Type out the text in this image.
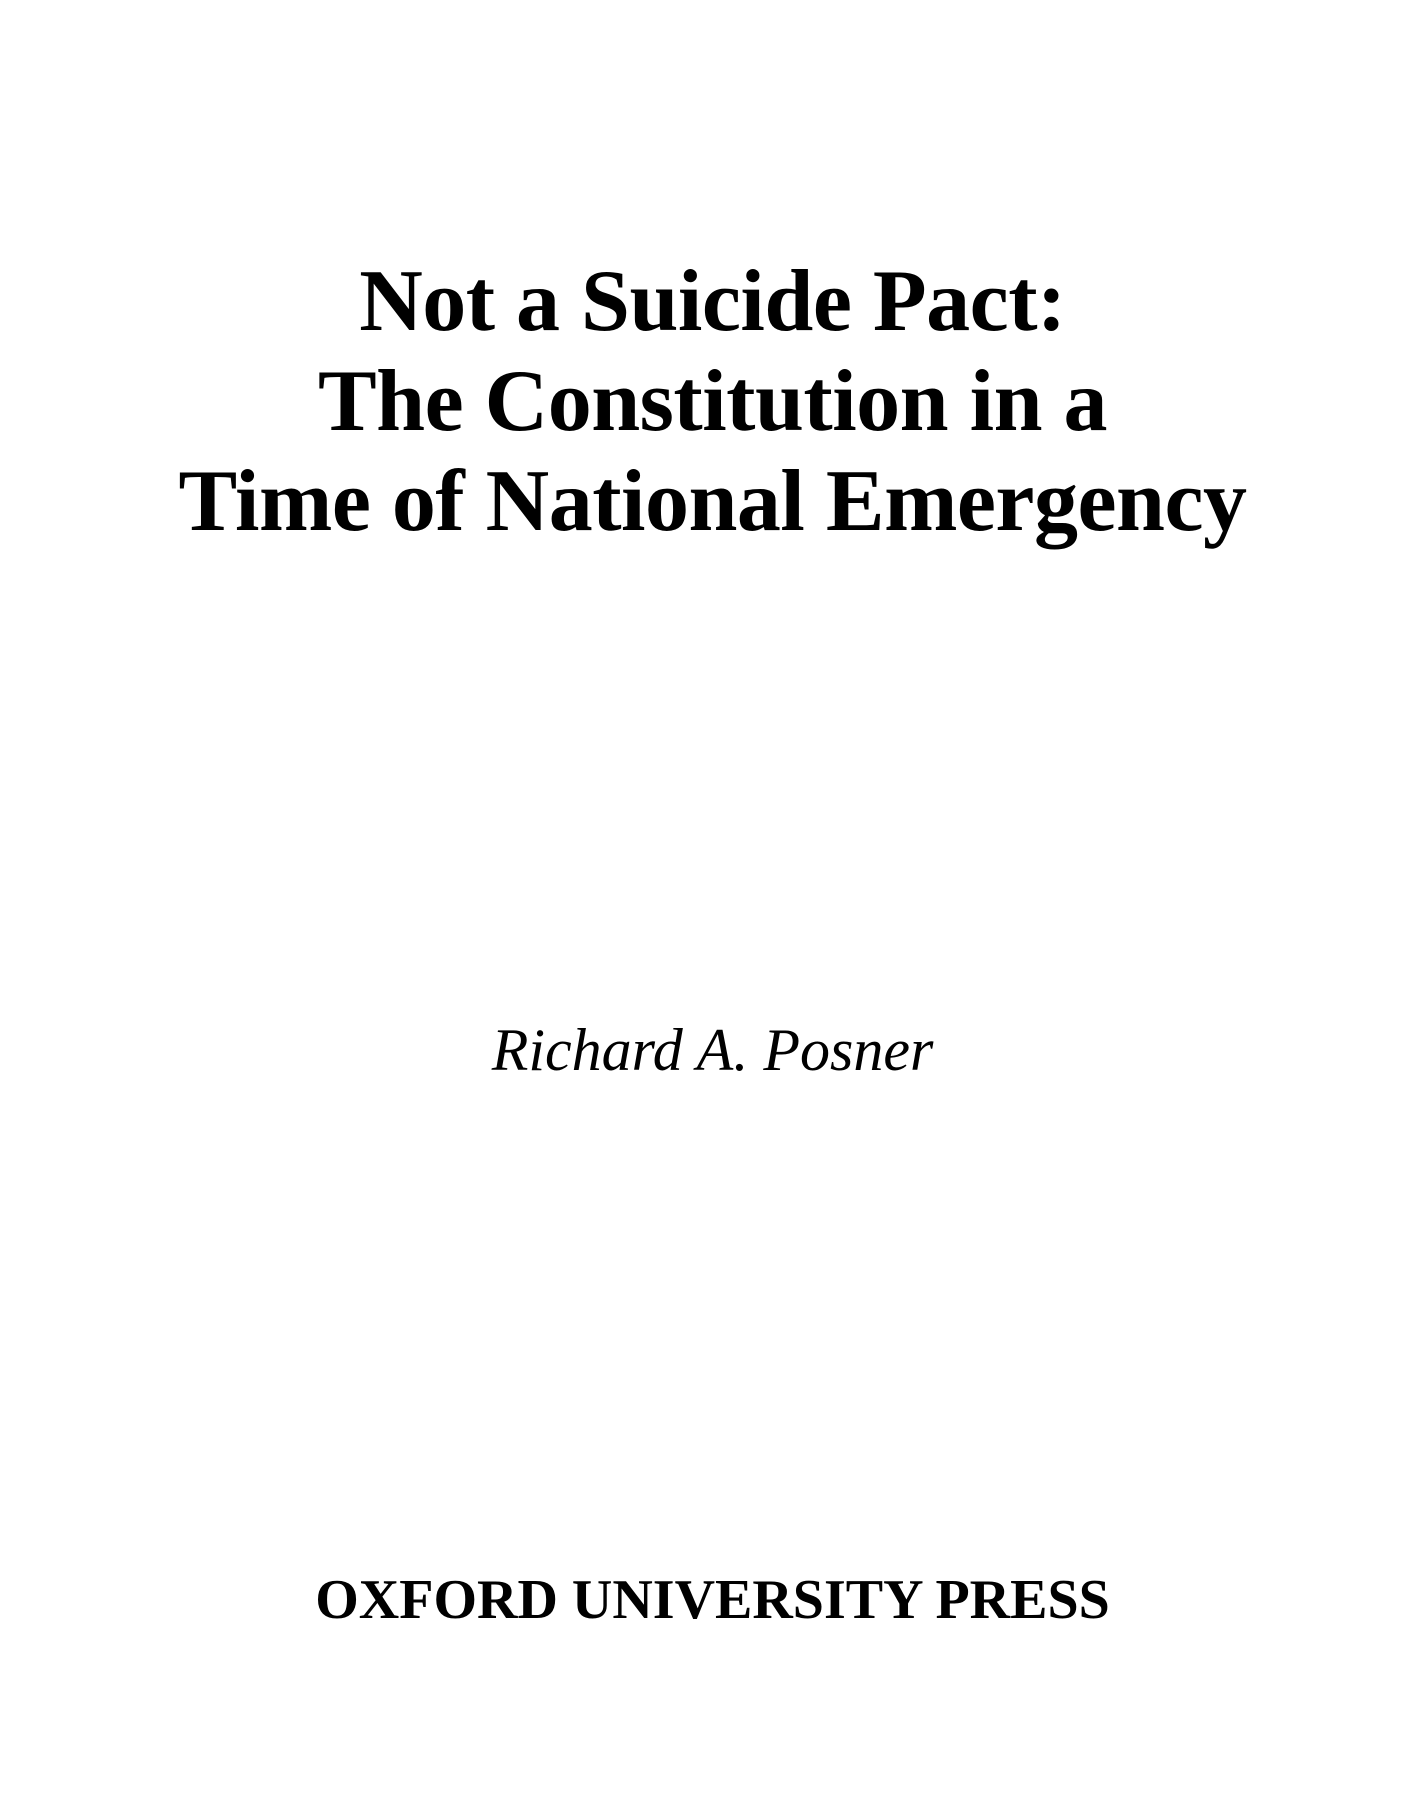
Not a Suicide Pact:
The Constitution in a
Time of National Emergency
Richard A. Posner
OXFORD UNIVERSITY PRESS
